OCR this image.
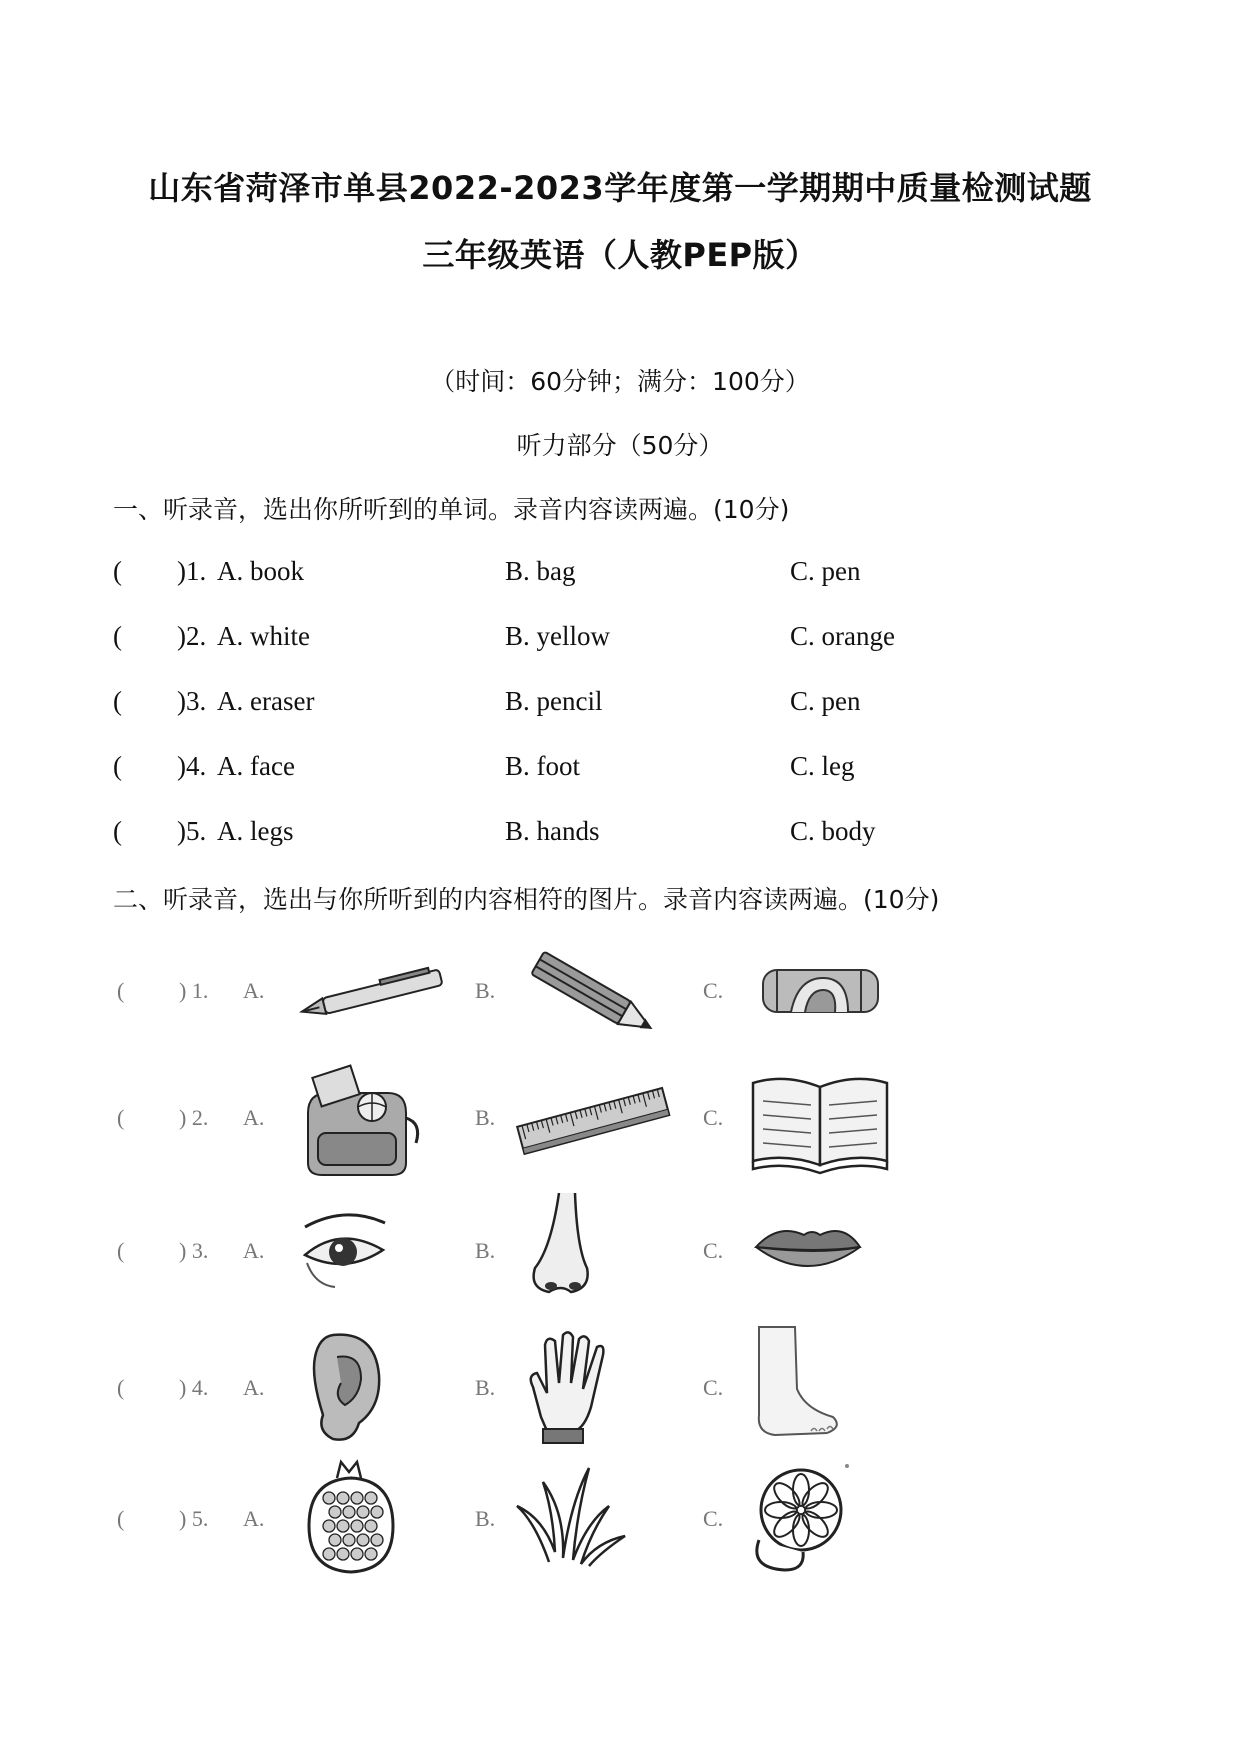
山东省菏泽市单县2022-2023学年度第一学期期中质量检测试题
三年级英语（人教PEP版）
（时间：60分钟；满分：100分）
听力部分（50分）
一、听录音，选出你所听到的单词。录音内容读两遍。(10分)
( )1. A. book	B. bag	C. pen
( )2. A. white	B. yellow	C. orange
( )3. A. eraser	B. pencil	C. pen
( )4. A. face	B. foot	C. leg
( )5. A. legs	B. hands	C. body
二、听录音，选出与你所听到的内容相符的图片。录音内容读两遍。(10分)
( ) 1. A.	B.	C.
( ) 2. A.	B.	C.
( ) 3. A.	B.	C.
( ) 4. A.	B.	C.
( ) 5. A.	B.	C.
